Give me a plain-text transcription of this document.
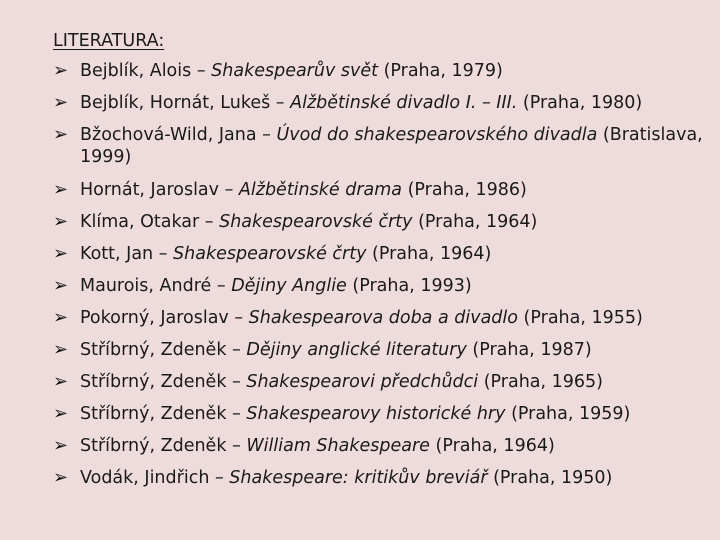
LITERATURA:
➢ Bejblík, Alois – Shakespearův svět (Praha, 1979)
➢ Bejblík, Hornát, Lukeš – Alžbětinské divadlo I. – III. (Praha, 1980)
➢ Bžochová-Wild, Jana – Úvod do shakespearovského divadla (Bratislava, 1999)
➢ Hornát, Jaroslav – Alžbětinské drama (Praha, 1986)
➢ Klíma, Otakar – Shakespearovské črty (Praha, 1964)
➢ Kott, Jan – Shakespearovské črty (Praha, 1964)
➢ Maurois, André – Dějiny Anglie (Praha, 1993)
➢ Pokorný, Jaroslav – Shakespearova doba a divadlo (Praha, 1955)
➢ Stříbrný, Zdeněk – Dějiny anglické literatury (Praha, 1987)
➢ Stříbrný, Zdeněk – Shakespearovi předchůdci (Praha, 1965)
➢ Stříbrný, Zdeněk – Shakespearovy historické hry (Praha, 1959)
➢ Stříbrný, Zdeněk – William Shakespeare (Praha, 1964)
➢ Vodák, Jindřich – Shakespeare: kritikův breviář (Praha, 1950)
